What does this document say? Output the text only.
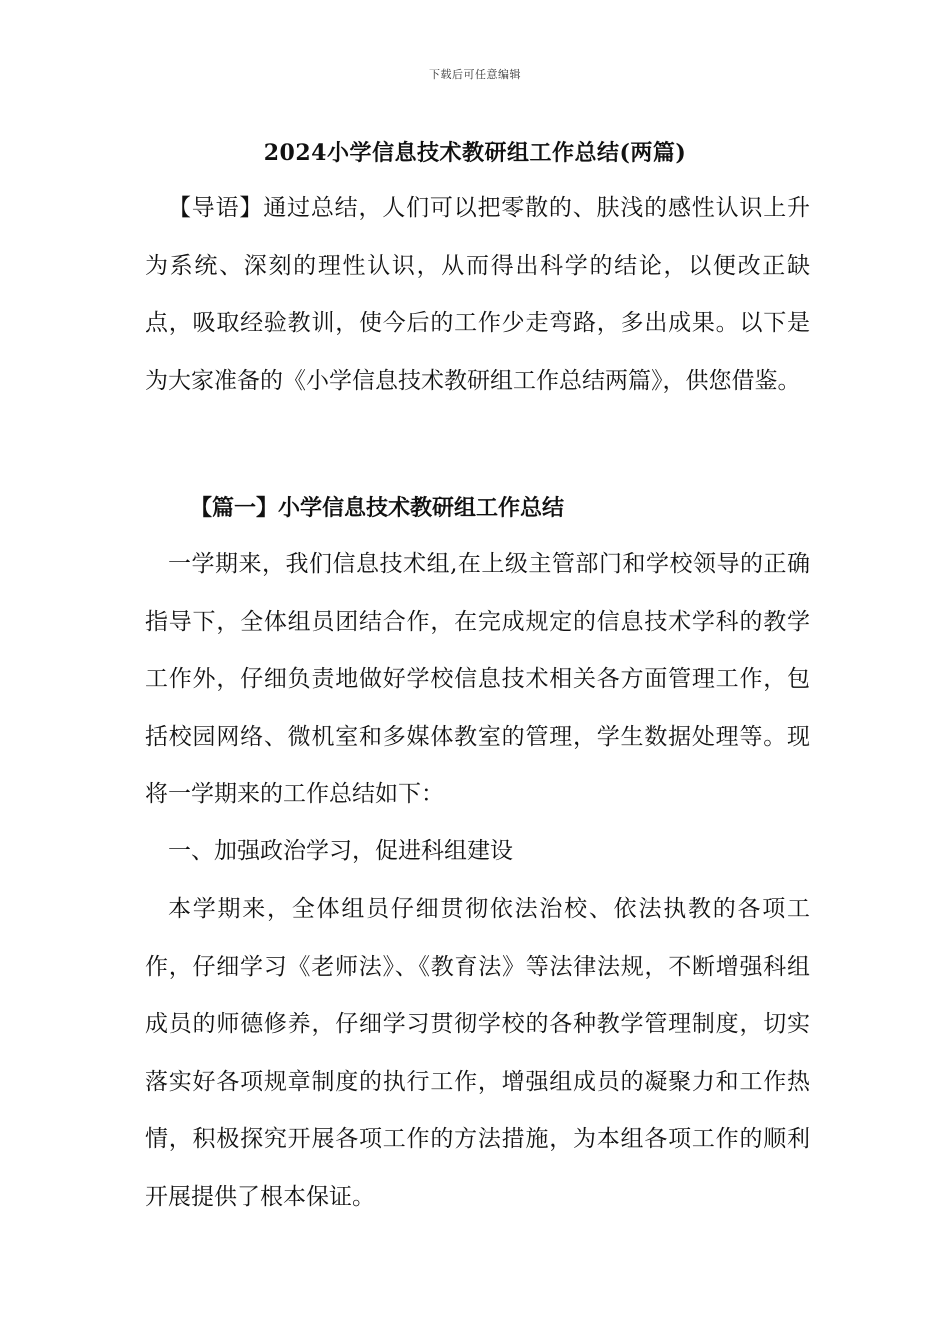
下载后可任意编辑
2024小学信息技术教研组工作总结(两篇)
【导语】通过总结，人们可以把零散的、肤浅的感性认识上升为系统、深刻的理性认识，从而得出科学的结论，以便改正缺点，吸取经验教训，使今后的工作少走弯路，多出成果。以下是为大家准备的《小学信息技术教研组工作总结两篇》，供您借鉴。
【篇一】小学信息技术教研组工作总结
一学期来，我们信息技术组,在上级主管部门和学校领导的正确指导下，全体组员团结合作，在完成规定的信息技术学科的教学工作外，仔细负责地做好学校信息技术相关各方面管理工作，包括校园网络、微机室和多媒体教室的管理，学生数据处理等。现将一学期来的工作总结如下：
一、加强政治学习，促进科组建设
本学期来，全体组员仔细贯彻依法治校、依法执教的各项工作，仔细学习《老师法》、《教育法》等法律法规，不断增强科组成员的师德修养，仔细学习贯彻学校的各种教学管理制度，切实落实好各项规章制度的执行工作，增强组成员的凝聚力和工作热情，积极探究开展各项工作的方法措施，为本组各项工作的顺利开展提供了根本保证。
